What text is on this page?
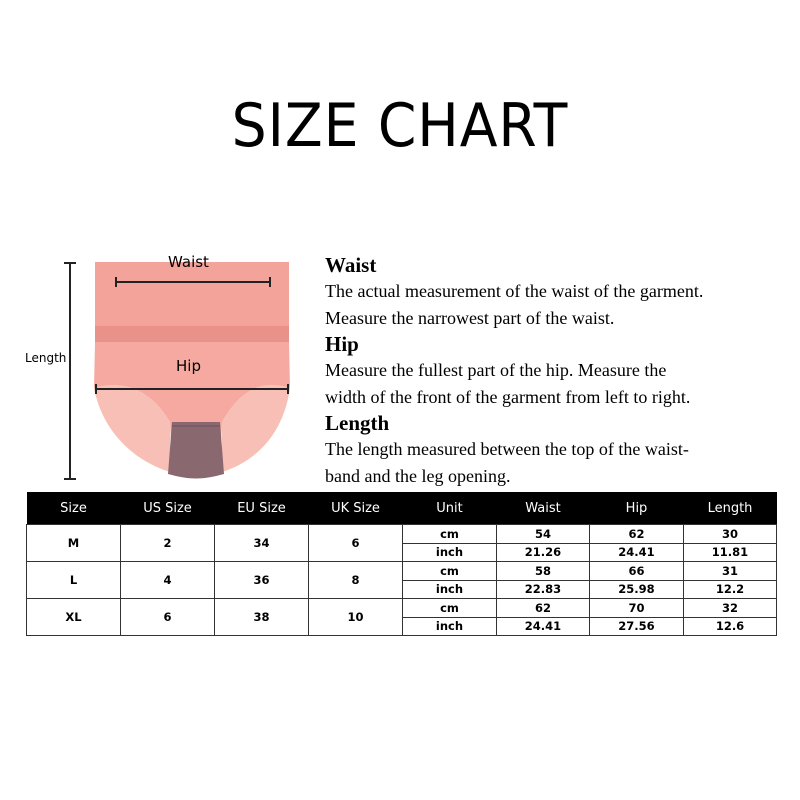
SIZE CHART
Length
Waist
Hip
Waist

The actual measurement of the waist of the garment.

Measure the narrowest part of the waist.

Hip

Measure the fullest part of the hip. Measure the

width of the front of the garment from left to right.

Length

The length measured between the top of the waist-

band and the leg opening.

Size	US Size	EU Size	UK Size	Unit	Waist	Hip	Length
M	2	34	6	cm	54	62	30
				inch	21.26	24.41	11.81
L	4	36	8	cm	58	66	31
				inch	22.83	25.98	12.2
XL	6	38	10	cm	62	70	32
				inch	24.41	27.56	12.6
